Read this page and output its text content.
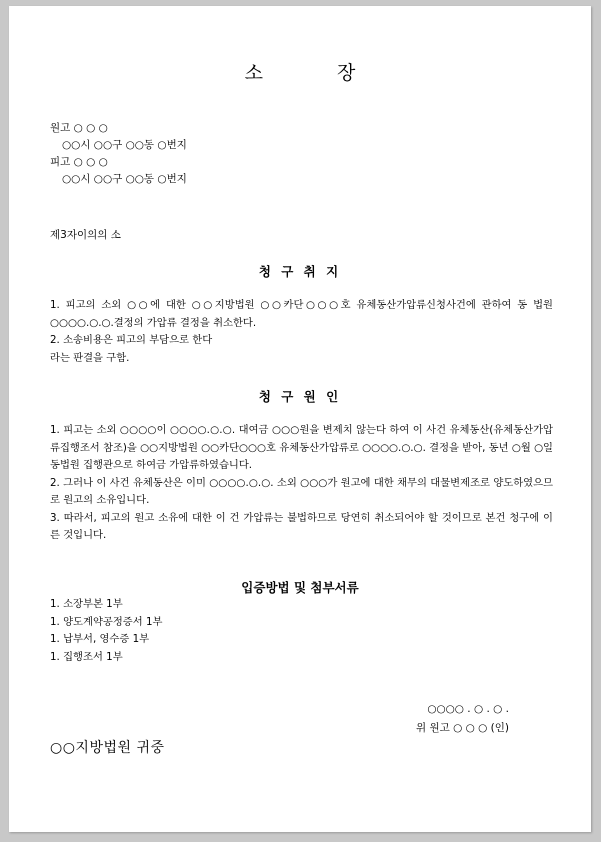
소 장
원고 ○ ○ ○
○○시 ○○구 ○○동 ○번지
피고 ○ ○ ○
○○시 ○○구 ○○동 ○번지
제3자이의의 소
청 구 취 지
1. 피고의 소외 ○○에 대한 ○○지방법원 ○○카단○○○호 유체동산가압류신청사건에 관하여 동 법원 ○○○○.○.○.결정의 가압류 결정을 취소한다.
2. 소송비용은 피고의 부담으로 한다
라는 판결을 구함.
청 구 원 인
1. 피고는 소외 ○○○○이 ○○○○.○.○. 대여금 ○○○원을 변제치 않는다 하여 이 사건 유체동산(유체동산가압류집행조서 참조)을 ○○지방법원 ○○카단○○○호 유체동산가압류로 ○○○○.○.○. 결정을 받아, 동년 ○월 ○일 동법원 집행관으로 하여금 가압류하였습니다.
2. 그러나 이 사건 유체동산은 이미 ○○○○.○.○. 소외 ○○○가 원고에 대한 채무의 대물변제조로 양도하였으므로 원고의 소유입니다.
3. 따라서, 피고의 원고 소유에 대한 이 건 가압류는 불법하므로 당연히 취소되어야 할 것이므로 본건 청구에 이른 것입니다.
입증방법 및 첨부서류
1. 소장부본 1부
1. 양도계약공정증서 1부
1. 납부서, 영수증 1부
1. 집행조서 1부
○○○○ . ○ . ○ .
위 원고 ○ ○ ○ (인)
○○지방법원 귀중
